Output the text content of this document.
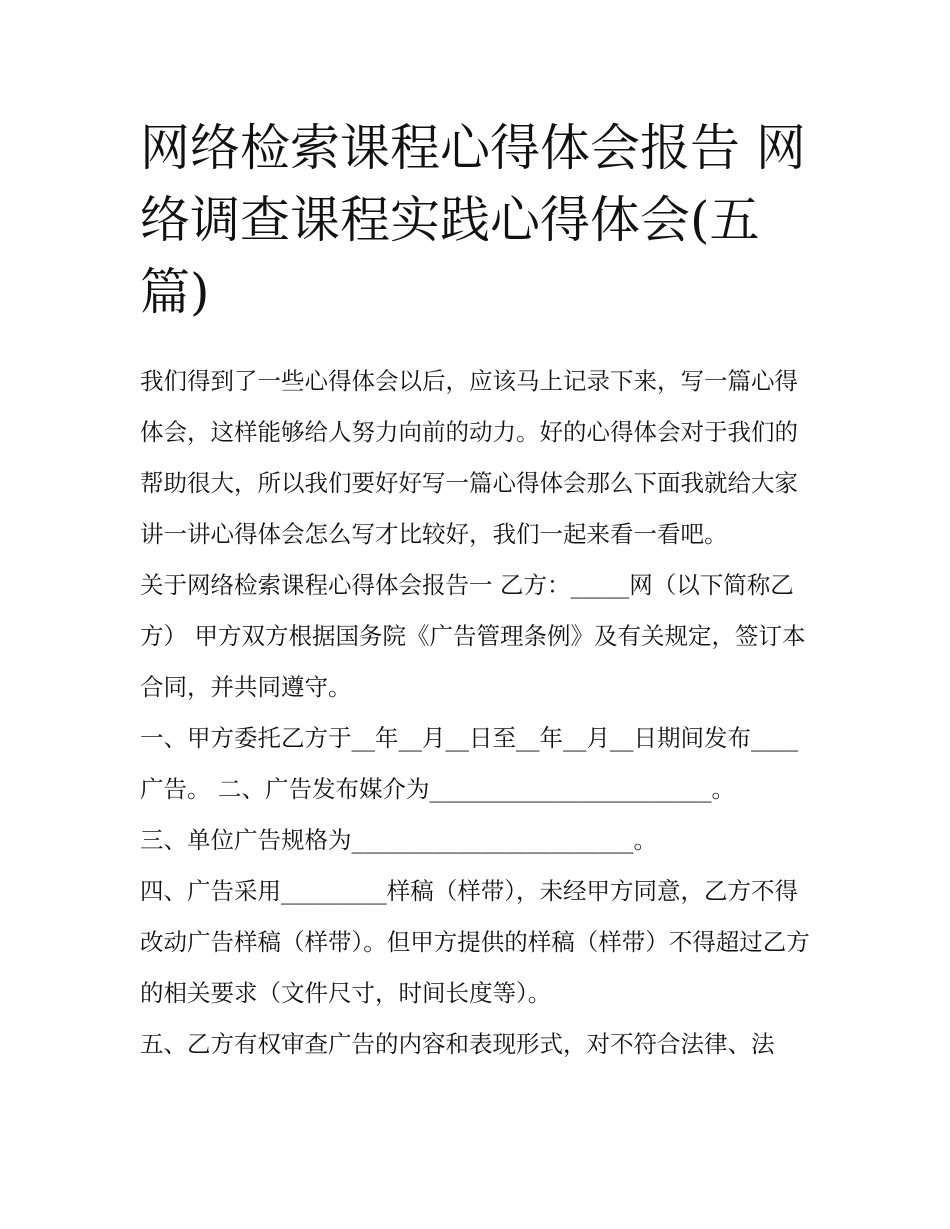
网络检索课程心得体会报告 网络调查课程实践心得体会(五篇)

我们得到了一些心得体会以后，应该马上记录下来，写一篇心得体会，这样能够给人努力向前的动力。好的心得体会对于我们的帮助很大，所以我们要好好写一篇心得体会那么下面我就给大家讲一讲心得体会怎么写才比较好，我们一起来看一看吧。

关于网络检索课程心得体会报告一 乙方：_____网（以下简称乙方） 甲方双方根据国务院《广告管理条例》及有关规定，签订本合同，并共同遵守。

一、甲方委托乙方于__年__月__日至__年__月__日期间发布____广告。 二、广告发布媒介为________________________。

三、单位广告规格为________________________。

四、广告采用_________样稿（样带），未经甲方同意，乙方不得改动广告样稿（样带）。但甲方提供的样稿（样带）不得超过乙方的相关要求（文件尺寸，时间长度等）。

五、乙方有权审查广告的内容和表现形式，对不符合法律、法
